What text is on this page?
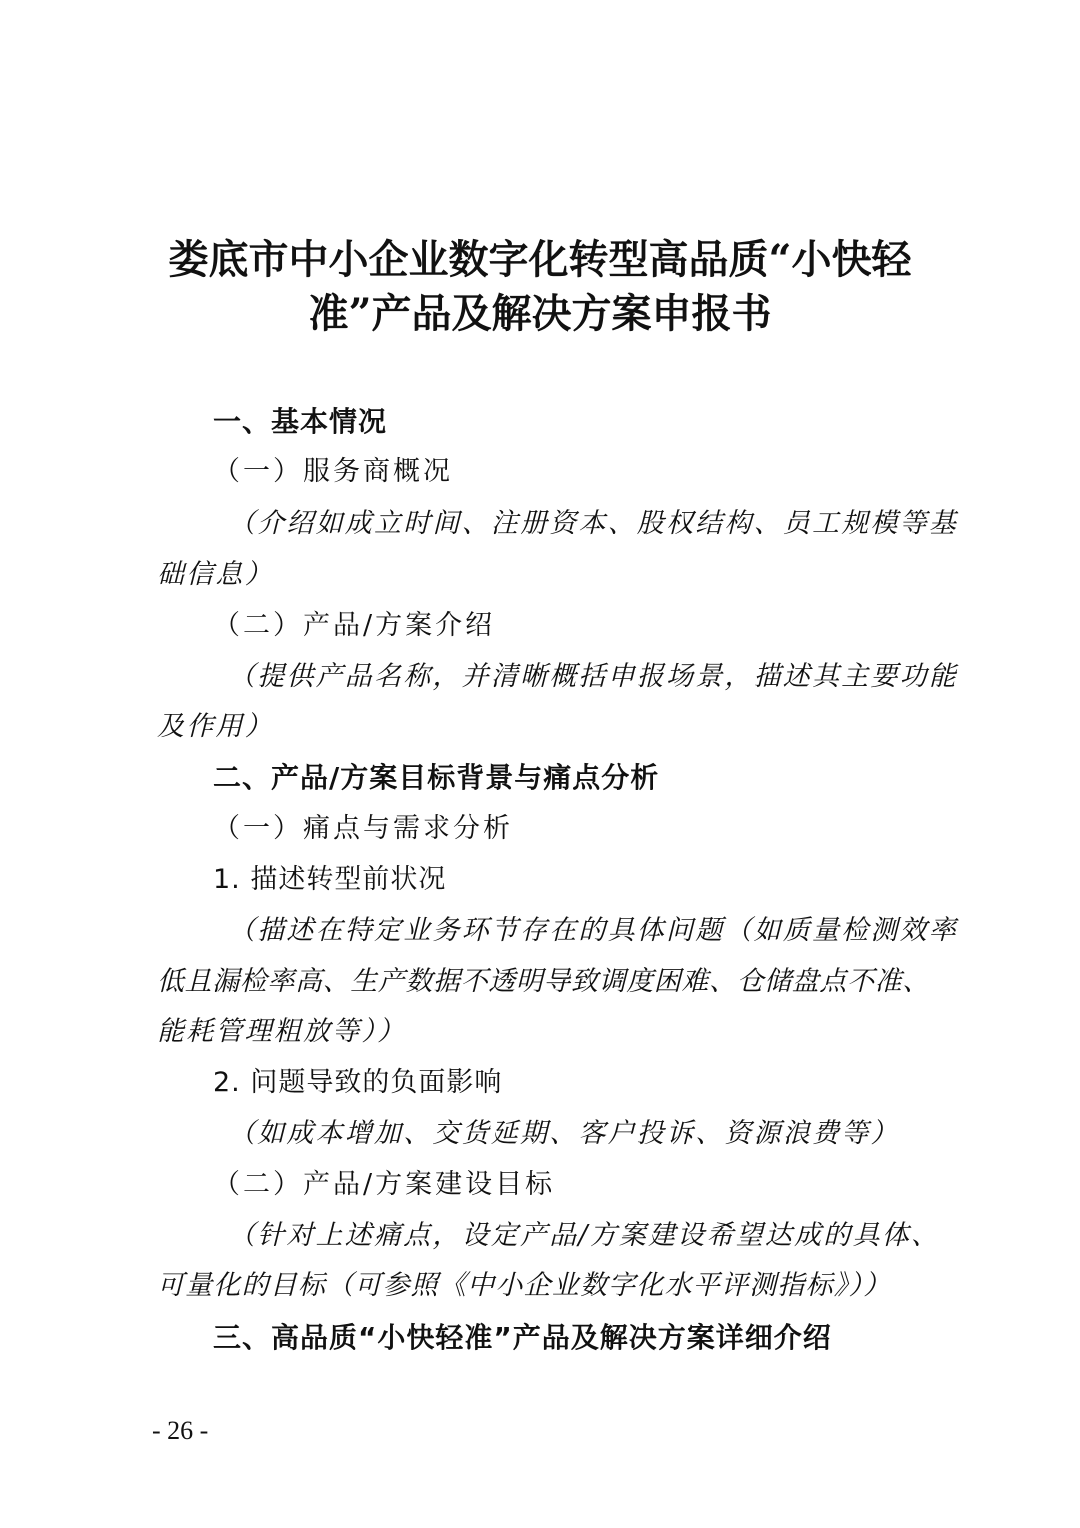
娄底市中小企业数字化转型高品质“小快轻
准”产品及解决方案申报书
一、基本情况
（一）服务商概况
（介绍如成立时间、注册资本、股权结构、员工规模等基
础信息）
（二）产品/方案介绍
（提供产品名称，并清晰概括申报场景，描述其主要功能
及作用）
二、产品/方案目标背景与痛点分析
（一）痛点与需求分析
1. 描述转型前状况
（描述在特定业务环节存在的具体问题（如质量检测效率
低且漏检率高、生产数据不透明导致调度困难、仓储盘点不准、
能耗管理粗放等））
2. 问题导致的负面影响
（如成本增加、交货延期、客户投诉、资源浪费等）
（二）产品/方案建设目标
（针对上述痛点，设定产品/方案建设希望达成的具体、
可量化的目标（可参照《中小企业数字化水平评测指标》））
三、高品质“小快轻准”产品及解决方案详细介绍
- 26 -
